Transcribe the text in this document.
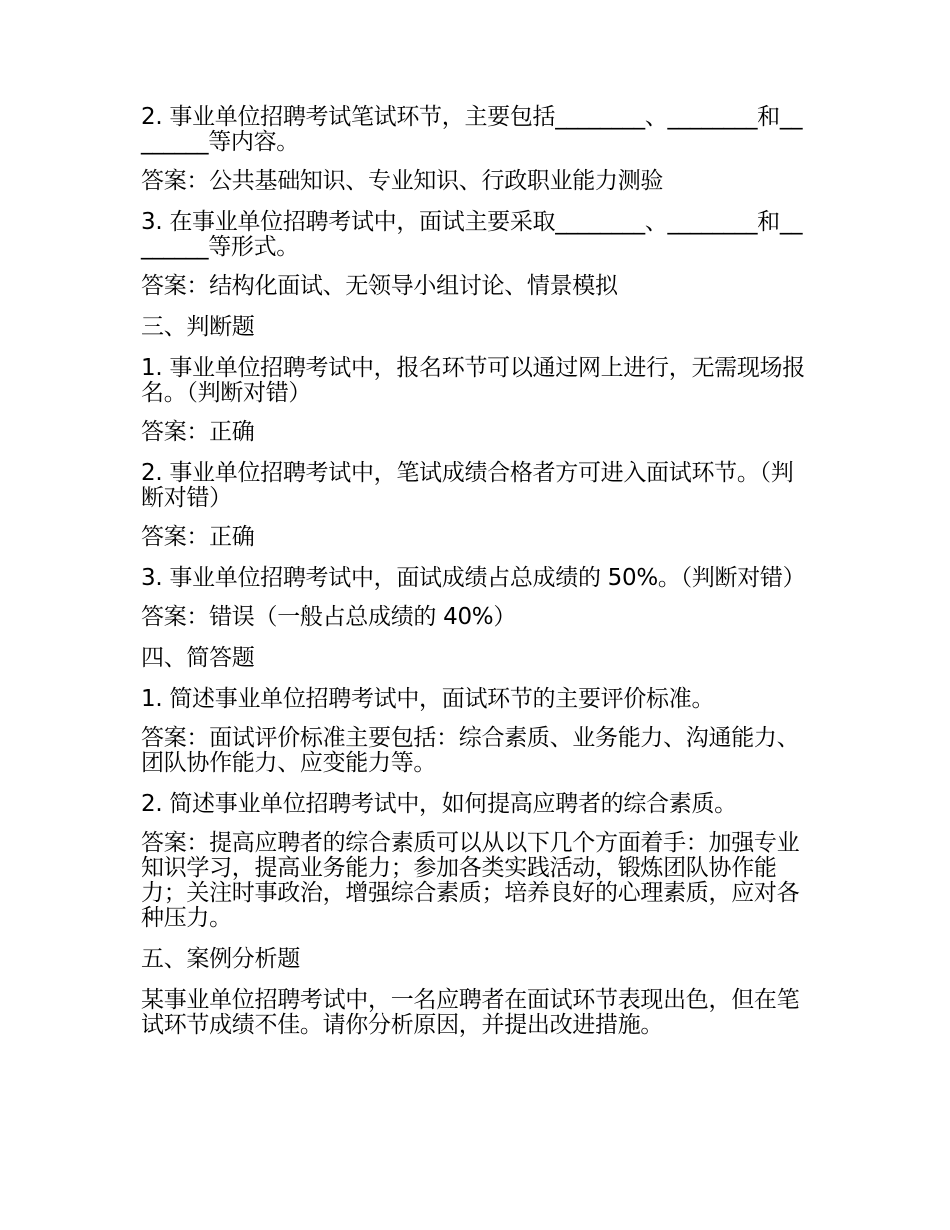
2. 事业单位招聘考试笔试环节，主要包括________、________和________等内容。

答案：公共基础知识、专业知识、行政职业能力测验

3. 在事业单位招聘考试中，面试主要采取________、________和________等形式。

答案：结构化面试、无领导小组讨论、情景模拟

三、判断题

1. 事业单位招聘考试中，报名环节可以通过网上进行，无需现场报名。（判断对错）

答案：正确

2. 事业单位招聘考试中，笔试成绩合格者方可进入面试环节。（判断对错）

答案：正确

3. 事业单位招聘考试中，面试成绩占总成绩的 50%。（判断对错）

答案：错误（一般占总成绩的 40%）

四、简答题

1. 简述事业单位招聘考试中，面试环节的主要评价标准。

答案：面试评价标准主要包括：综合素质、业务能力、沟通能力、团队协作能力、应变能力等。

2. 简述事业单位招聘考试中，如何提高应聘者的综合素质。

答案：提高应聘者的综合素质可以从以下几个方面着手：加强专业知识学习，提高业务能力；参加各类实践活动，锻炼团队协作能力；关注时事政治，增强综合素质；培养良好的心理素质，应对各种压力。

五、案例分析题

某事业单位招聘考试中，一名应聘者在面试环节表现出色，但在笔试环节成绩不佳。请你分析原因，并提出改进措施。
